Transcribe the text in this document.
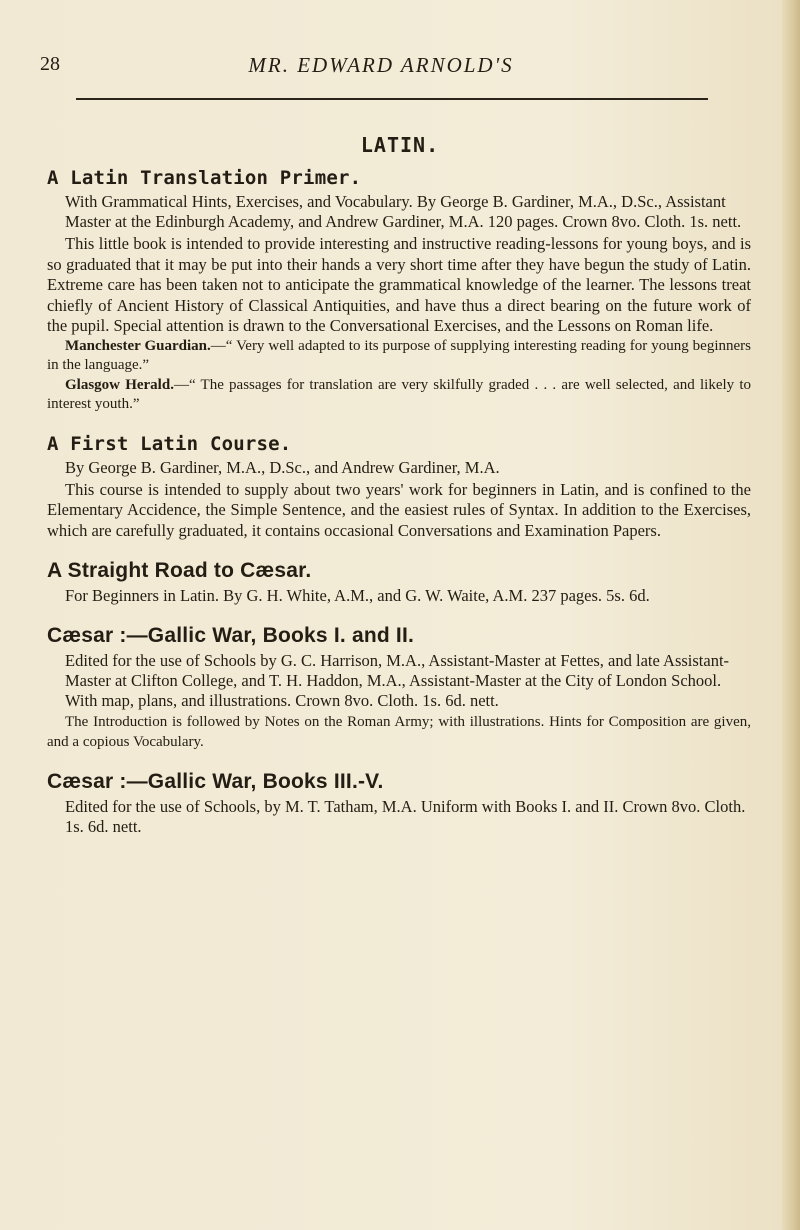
28	MR. EDWARD ARNOLD'S
LATIN.
A Latin Translation Primer.

With Grammatical Hints, Exercises, and Vocabulary. By George B. Gardiner, M.A., D.Sc., Assistant Master at the Edinburgh Academy, and Andrew Gardiner, M.A. 120 pages. Crown 8vo. Cloth. 1s. nett.

This little book is intended to provide interesting and instructive reading-lessons for young boys, and is so graduated that it may be put into their hands a very short time after they have begun the study of Latin. Extreme care has been taken not to anticipate the grammatical knowledge of the learner. The lessons treat chiefly of Ancient History of Classical Antiquities, and have thus a direct bearing on the future work of the pupil. Special attention is drawn to the Conversational Exercises, and the Lessons on Roman life.

Manchester Guardian.—“ Very well adapted to its purpose of supplying interesting reading for young beginners in the language.”

Glasgow Herald.—“ The passages for translation are very skilfully graded . . . are well selected, and likely to interest youth.”

A First Latin Course.

By George B. Gardiner, M.A., D.Sc., and Andrew Gardiner, M.A.

This course is intended to supply about two years' work for beginners in Latin, and is confined to the Elementary Accidence, the Simple Sentence, and the easiest rules of Syntax. In addition to the Exercises, which are carefully graduated, it contains occasional Conversations and Examination Papers.

A Straight Road to Cæsar.

For Beginners in Latin. By G. H. White, A.M., and G. W. Waite, A.M. 237 pages. 5s. 6d.

Cæsar :—Gallic War, Books I. and II.

Edited for the use of Schools by G. C. Harrison, M.A., Assistant-Master at Fettes, and late Assistant-Master at Clifton College, and T. H. Haddon, M.A., Assistant-Master at the City of London School. With map, plans, and illustrations. Crown 8vo. Cloth. 1s. 6d. nett.

The Introduction is followed by Notes on the Roman Army; with illustrations. Hints for Composition are given, and a copious Vocabulary.

Cæsar :—Gallic War, Books III.-V.

Edited for the use of Schools, by M. T. Tatham, M.A. Uniform with Books I. and II. Crown 8vo. Cloth. 1s. 6d. nett.
